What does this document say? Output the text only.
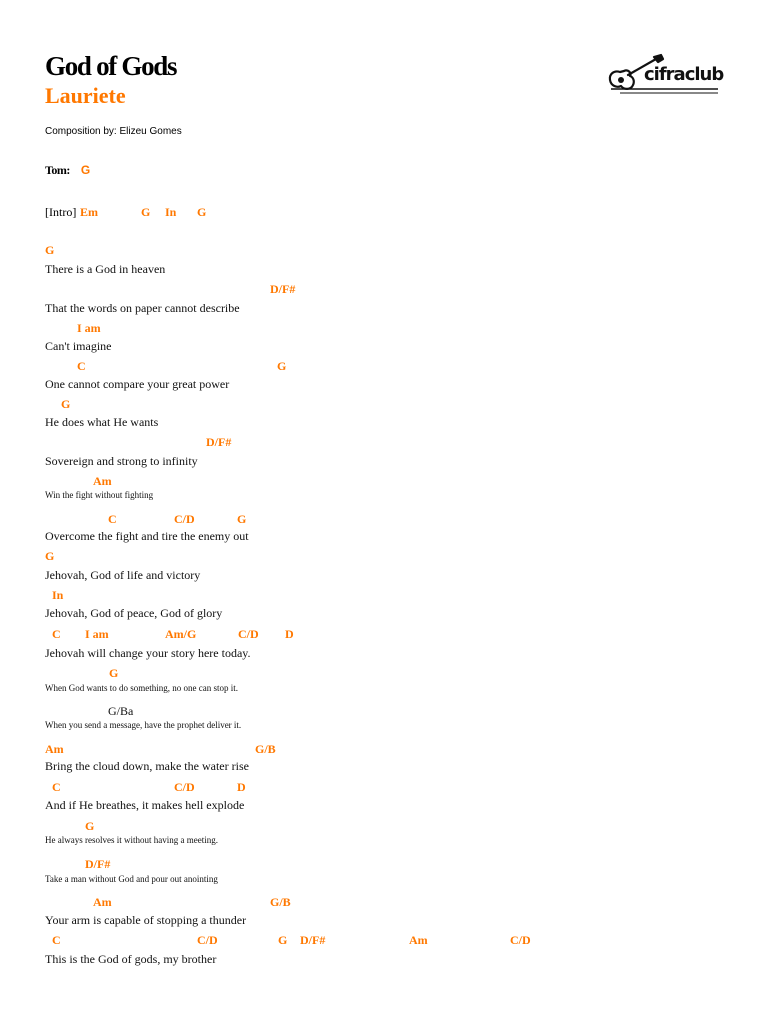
God of Gods
Lauriete
Composition by: Elizeu Gomes
Tom: G
cifraclub
[Intro] Em	G In G
G
There is a God in heaven
D/F#
That the words on paper cannot describe
I am
Can't imagine
C	G
One cannot compare your great power
G
He does what He wants
D/F#
Sovereign and strong to infinity
Am
Win the fight without fighting
C	C/D	G
Overcome the fight and tire the enemy out
G
Jehovah, God of life and victory
In
Jehovah, God of peace, God of glory
C I am	Am/G	C/D D
Jehovah will change your story here today.
G
When God wants to do something, no one can stop it.
G/Ba
When you send a message, have the prophet deliver it.
Am	G/B
Bring the cloud down, make the water rise
C	C/D	D
And if He breathes, it makes hell explode
G
He always resolves it without having a meeting.
D/F#
Take a man without God and pour out anointing
Am	G/B
Your arm is capable of stopping a thunder
C	C/D	G D/F#	Am	C/D
This is the God of gods, my brother
